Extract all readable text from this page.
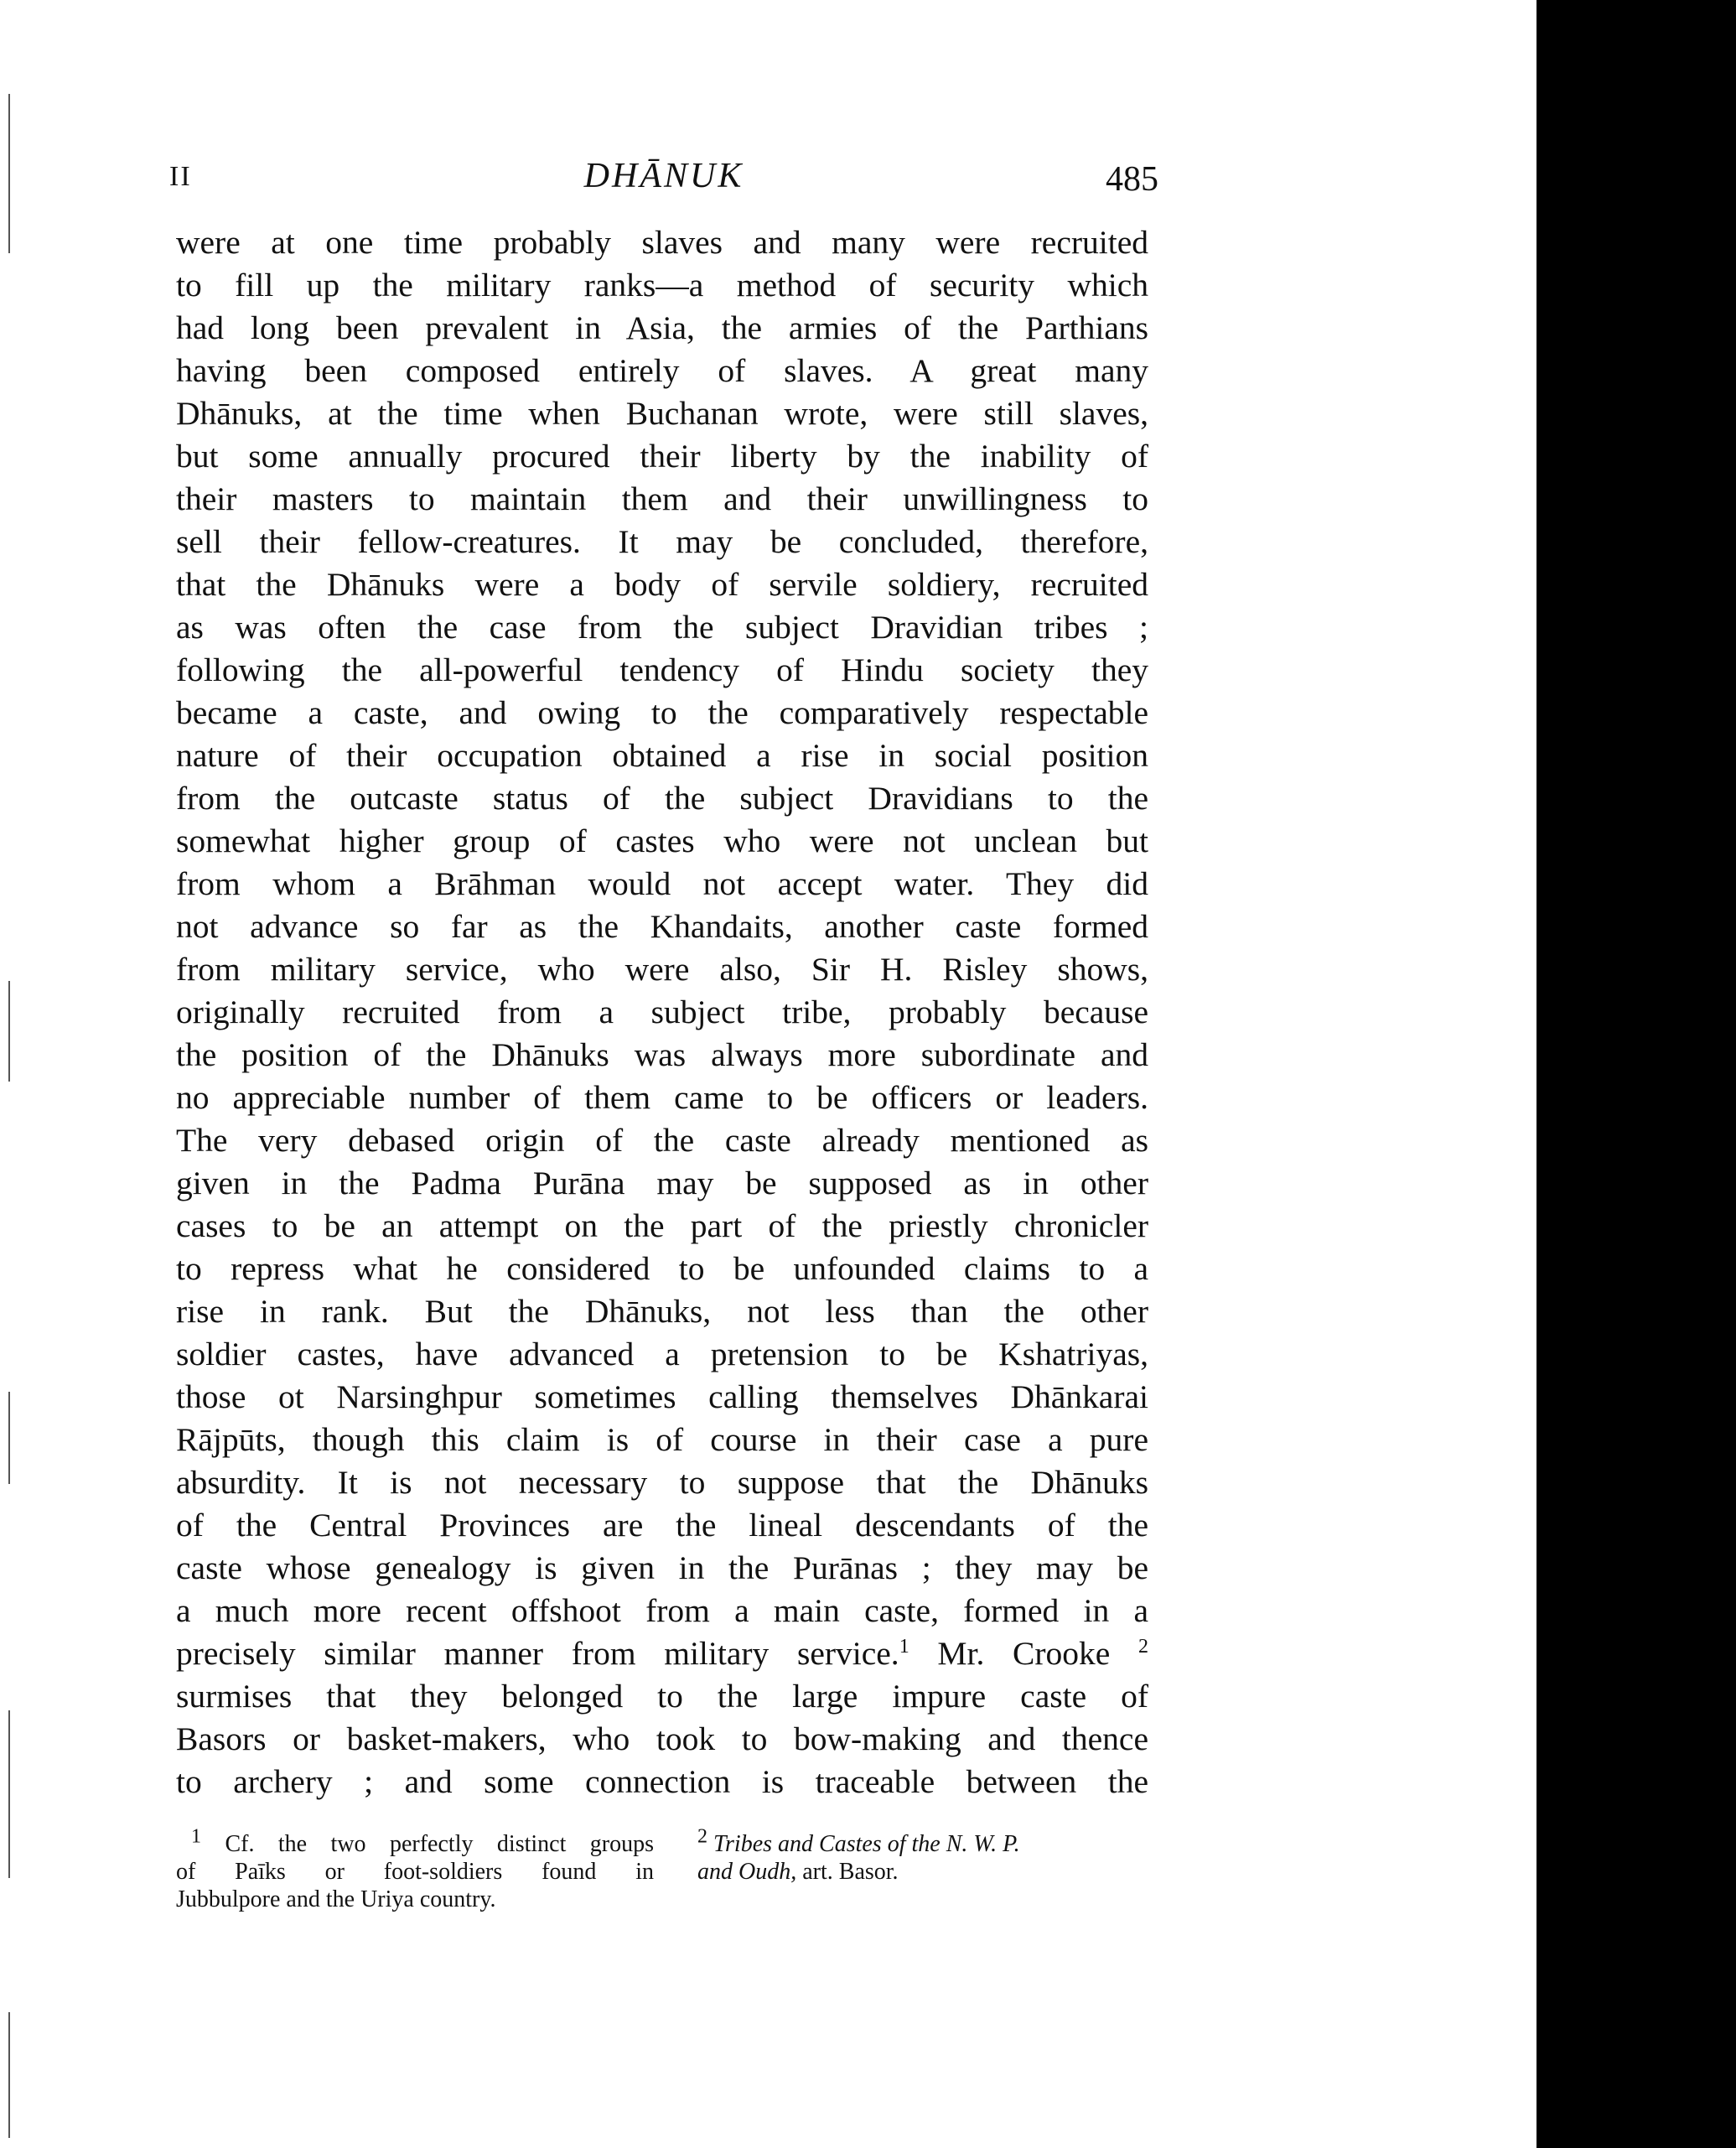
II	DHĀNUK	485
were at one time probably slaves and many were recruited
to fill up the military ranks—a method of security which
had long been prevalent in Asia, the armies of the Parthians
having been composed entirely of slaves. A great many
Dhānuks, at the time when Buchanan wrote, were still slaves,
but some annually procured their liberty by the inability of
their masters to maintain them and their unwillingness to
sell their fellow-creatures. It may be concluded, therefore,
that the Dhānuks were a body of servile soldiery, recruited
as was often the case from the subject Dravidian tribes ;
following the all-powerful tendency of Hindu society they
became a caste, and owing to the comparatively respectable
nature of their occupation obtained a rise in social position
from the outcaste status of the subject Dravidians to the
somewhat higher group of castes who were not unclean but
from whom a Brāhman would not accept water. They did
not advance so far as the Khandaits, another caste formed
from military service, who were also, Sir H. Risley shows,
originally recruited from a subject tribe, probably because
the position of the Dhānuks was always more subordinate and
no appreciable number of them came to be officers or leaders.
The very debased origin of the caste already mentioned as
given in the Padma Purāna may be supposed as in other
cases to be an attempt on the part of the priestly chronicler
to repress what he considered to be unfounded claims to a
rise in rank. But the Dhānuks, not less than the other
soldier castes, have advanced a pretension to be Kshatriyas,
those ot Narsinghpur sometimes calling themselves Dhānkarai
Rājpūts, though this claim is of course in their case a pure
absurdity. It is not necessary to suppose that the Dhānuks
of the Central Provinces are the lineal descendants of the
caste whose genealogy is given in the Purānas ; they may be
a much more recent offshoot from a main caste, formed in a
precisely similar manner from military service.$^1$ Mr. Crooke $^2$
surmises that they belonged to the large impure caste of
Basors or basket-makers, who took to bow-making and thence
to archery ; and some connection is traceable between the
$^1$ Cf. the two perfectly distinct groups
of Paīks or foot-soldiers found in
Jubbulpore and the Uriya country.
$^2$ Tribes and Castes of the N. W. P.
and Oudh, art. Basor.
